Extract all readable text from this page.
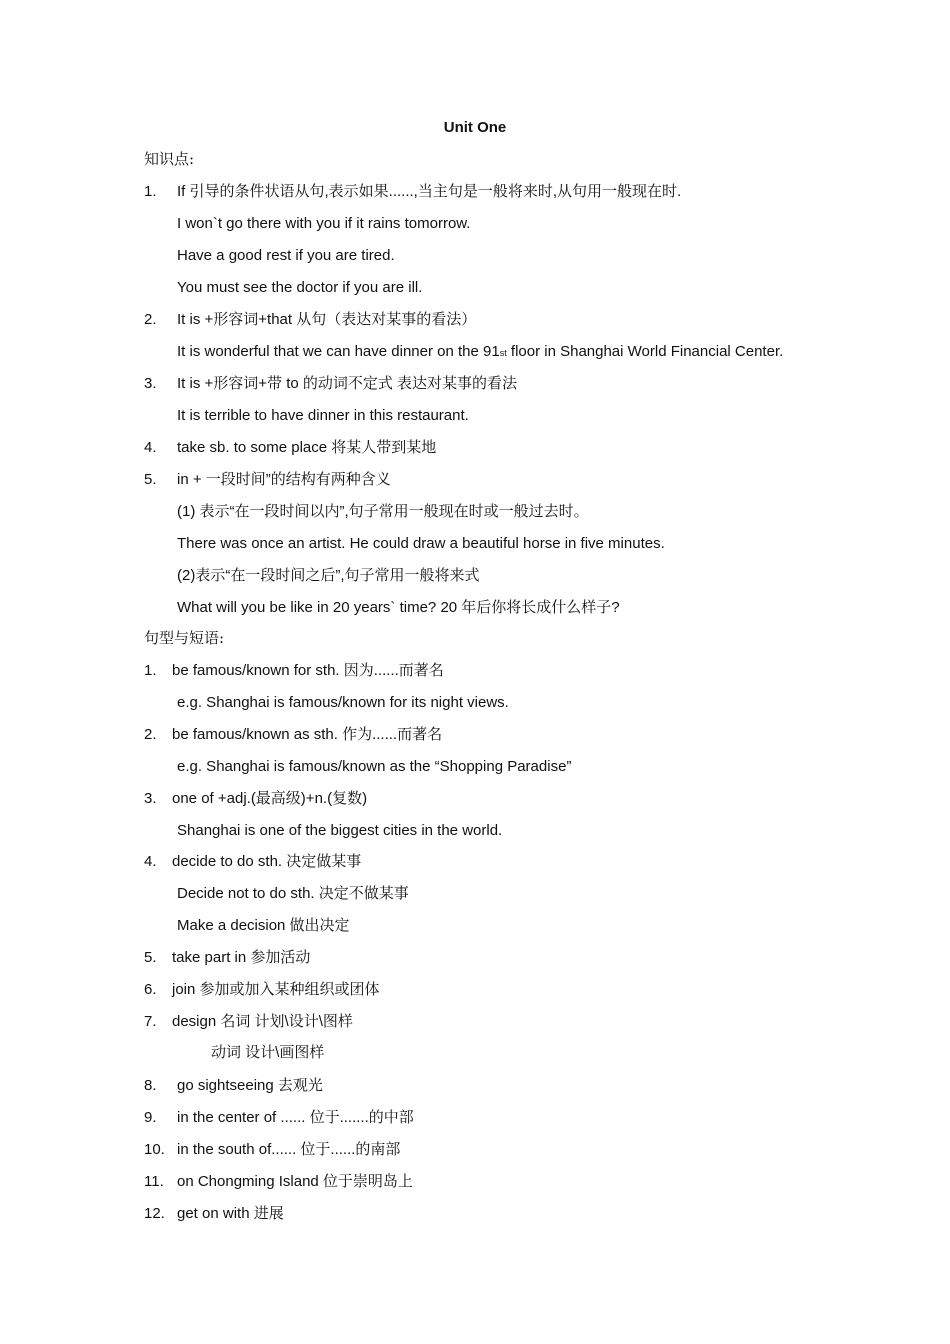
Unit One
知识点:
1. If 引导的条件状语从句,表示如果......,当主句是一般将来时,从句用一般现在时.
I won`t go there with you if it rains tomorrow.
Have a good rest if you are tired.
You must see the doctor if you are ill.
2. It is +形容词+that 从句（表达对某事的看法）
It is wonderful that we can have dinner on the 91st floor in Shanghai World Financial Center.
3. It is +形容词+带 to 的动词不定式 表达对某事的看法
It is terrible to have dinner in this restaurant.
4. take sb. to some place 将某人带到某地
5. in + 一段时间”的结构有两种含义
(1) 表示“在一段时间以内”,句子常用一般现在时或一般过去时。
There was once an artist. He could draw a beautiful horse in five minutes.
(2)表示“在一段时间之后”,句子常用一般将来式
What will you be like in 20 years` time? 20 年后你将长成什么样子?
句型与短语:
1. be famous/known for sth. 因为......而著名
e.g. Shanghai is famous/known for its night views.
2. be famous/known as sth. 作为......而著名
e.g. Shanghai is famous/known as the “Shopping Paradise”
3. one of +adj.(最高级)+n.(复数)
Shanghai is one of the biggest cities in the world.
4. decide to do sth. 决定做某事
Decide not to do sth. 决定不做某事
Make a decision 做出决定
5. take part in 参加活动
6. join 参加或加入某种组织或团体
7. design 名词 计划\设计\图样
动词 设计\画图样
8. go sightseeing 去观光
9. in the center of ...... 位于.......的中部
10. in the south of...... 位于......的南部
11. on Chongming Island 位于崇明岛上
12. get on with 进展
